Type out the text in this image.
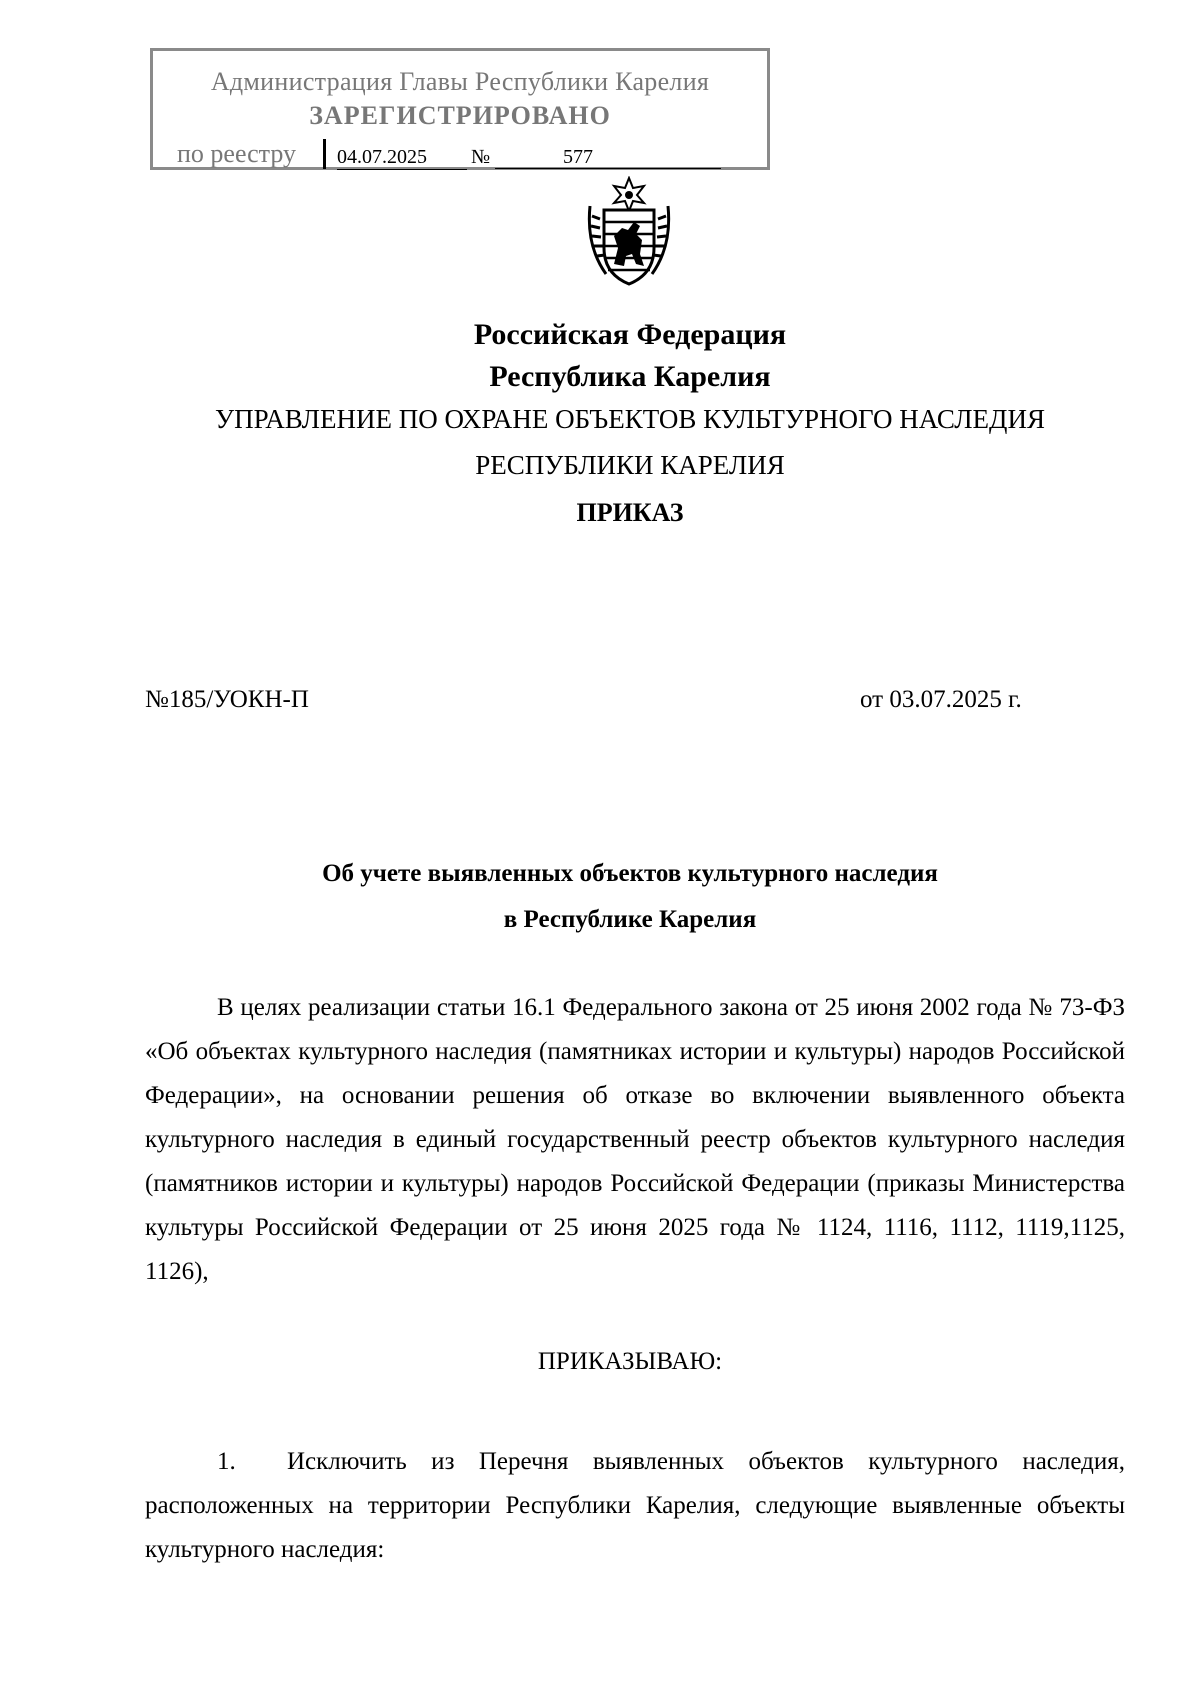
Администрация Главы Республики Карелия
ЗАРЕГИСТРИРОВАНО
по реестру 04.07.2025	№	577
Российская Федерация
Республика Карелия
УПРАВЛЕНИЕ ПО ОХРАНЕ ОБЪЕКТОВ КУЛЬТУРНОГО НАСЛЕДИЯ
РЕСПУБЛИКИ КАРЕЛИЯ
ПРИКАЗ
№185/УОКН-П	от 03.07.2025 г.
Об учете выявленных объектов культурного наследия
в Республике Карелия
В целях реализации статьи 16.1 Федерального закона от 25 июня 2002 года № 73-ФЗ «Об объектах культурного наследия (памятниках истории и культуры) народов Российской Федерации», на основании решения об отказе во включении выявленного объекта культурного наследия в единый государственный реестр объектов культурного наследия (памятников истории и культуры) народов Российской Федерации (приказы Министерства культуры Российской Федерации от 25 июня 2025 года № 1124, 1116, 1112, 1119,1125, 1126),
ПРИКАЗЫВАЮ:
1. Исключить из Перечня выявленных объектов культурного наследия, расположенных на территории Республики Карелия, следующие выявленные объекты культурного наследия:
